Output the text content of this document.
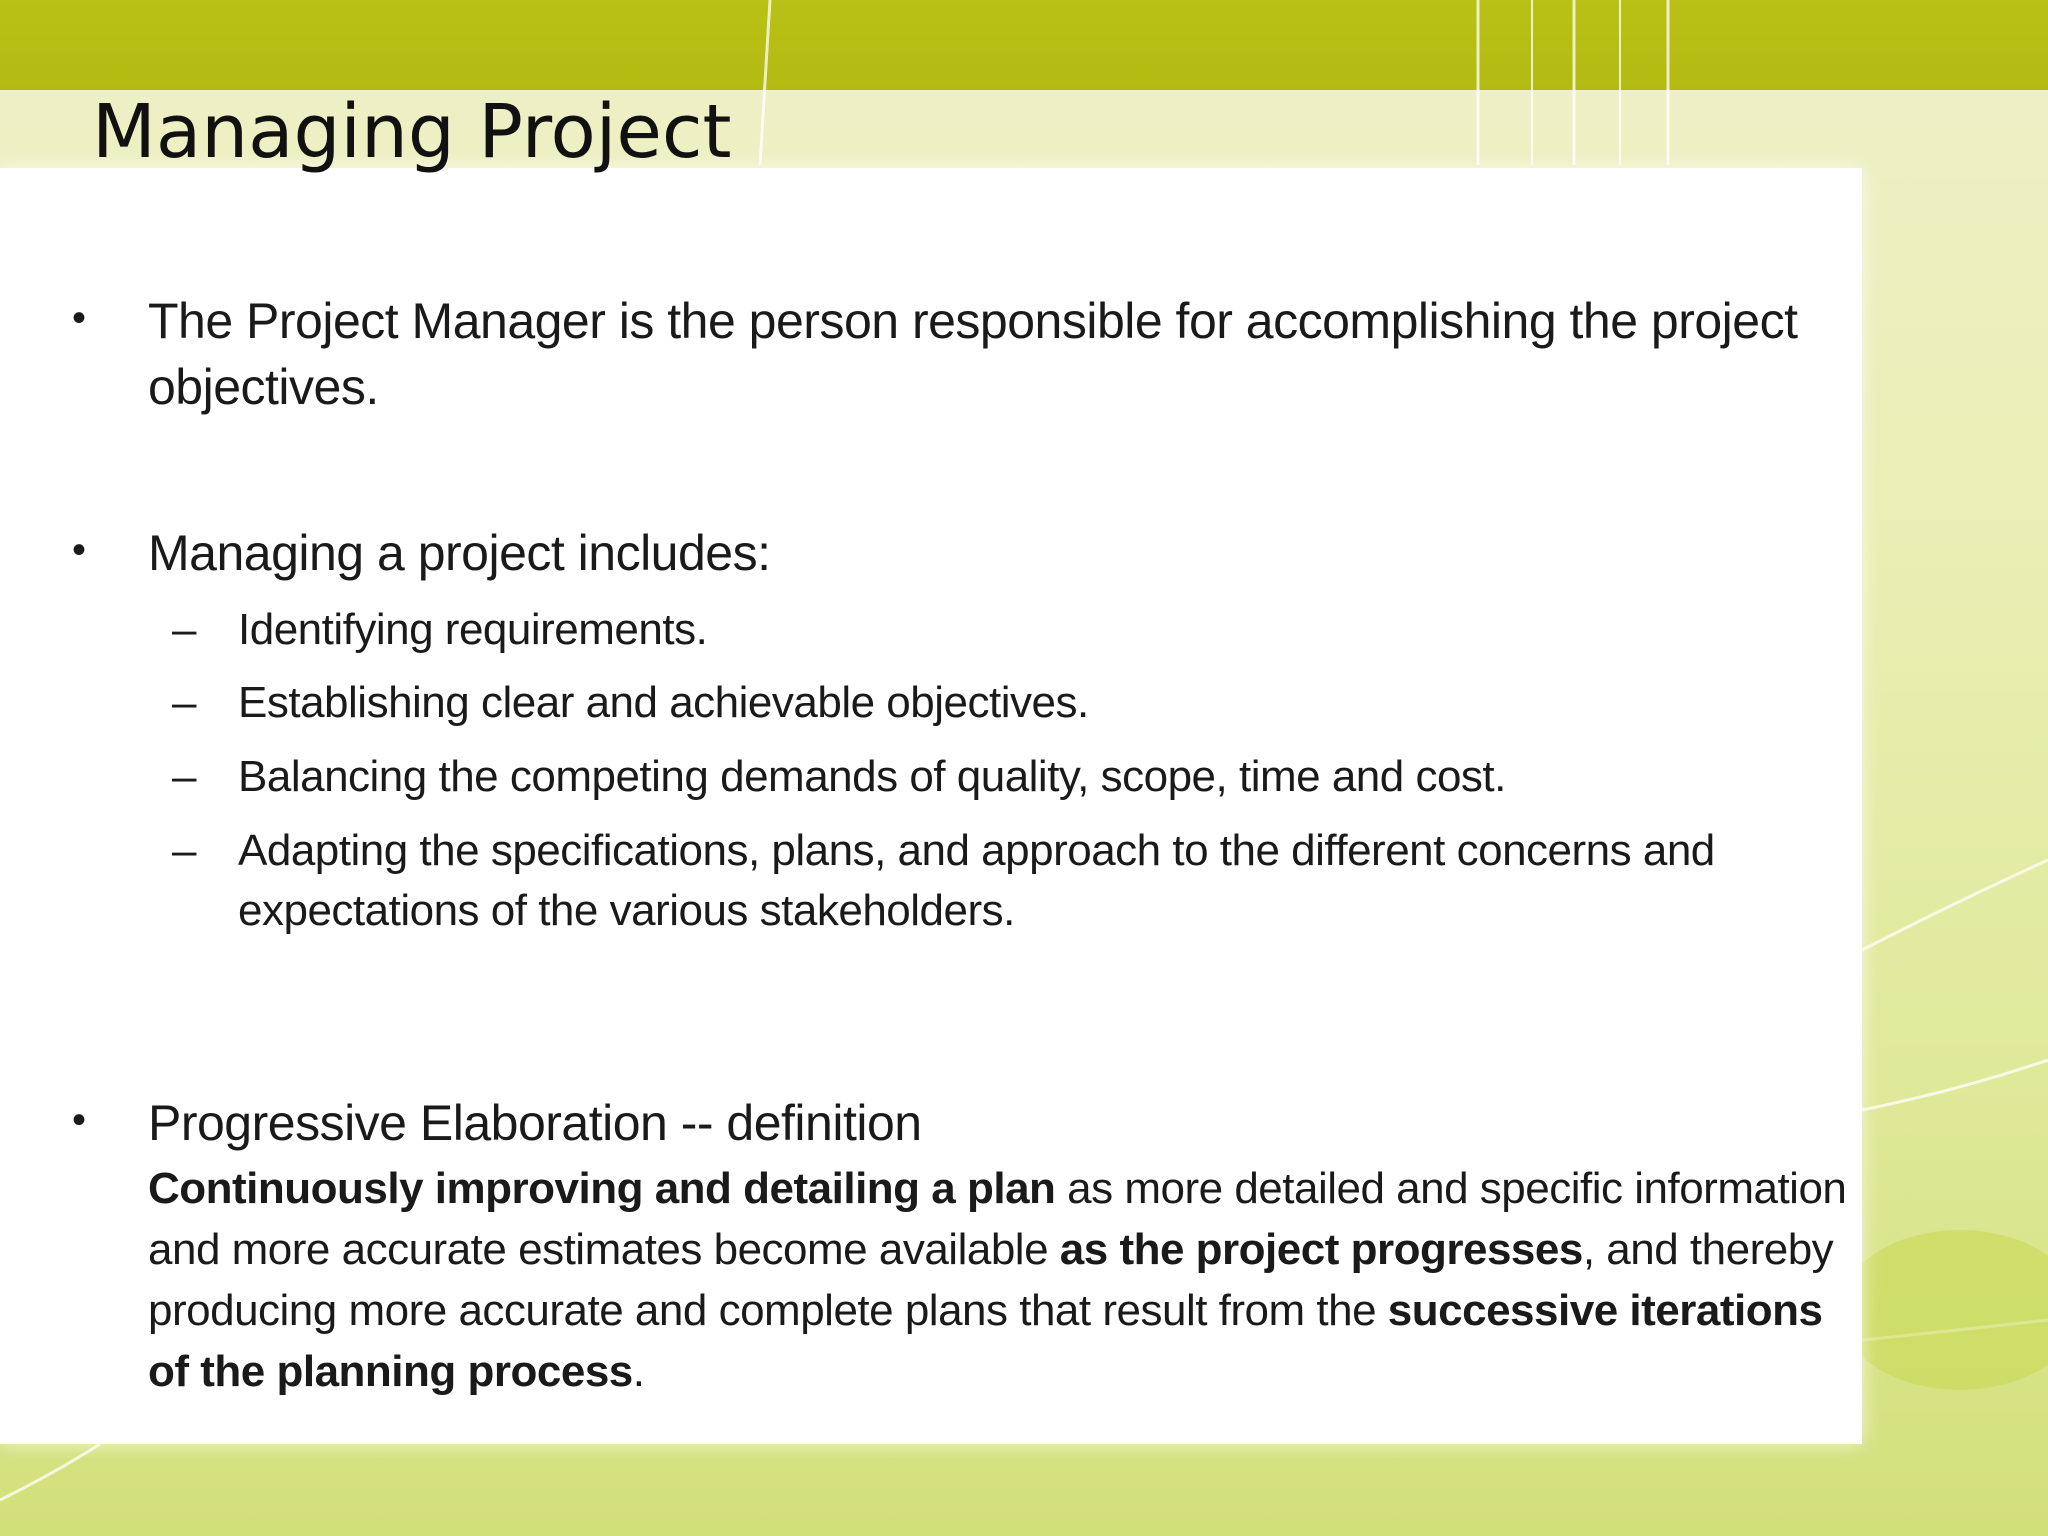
Managing Project
• The Project Manager is the person responsible for accomplishing the project objectives.
• Managing a project includes:
– Identifying requirements.
– Establishing clear and achievable objectives.
– Balancing the competing demands of quality, scope, time and cost.
– Adapting the specifications, plans, and approach to the different concerns and expectations of the various stakeholders.
• Progressive Elaboration -- definition

Continuously improving and detailing a plan as more detailed and specific information and more accurate estimates become available as the project progresses, and thereby producing more accurate and complete plans that result from the successive iterations of the planning process.
